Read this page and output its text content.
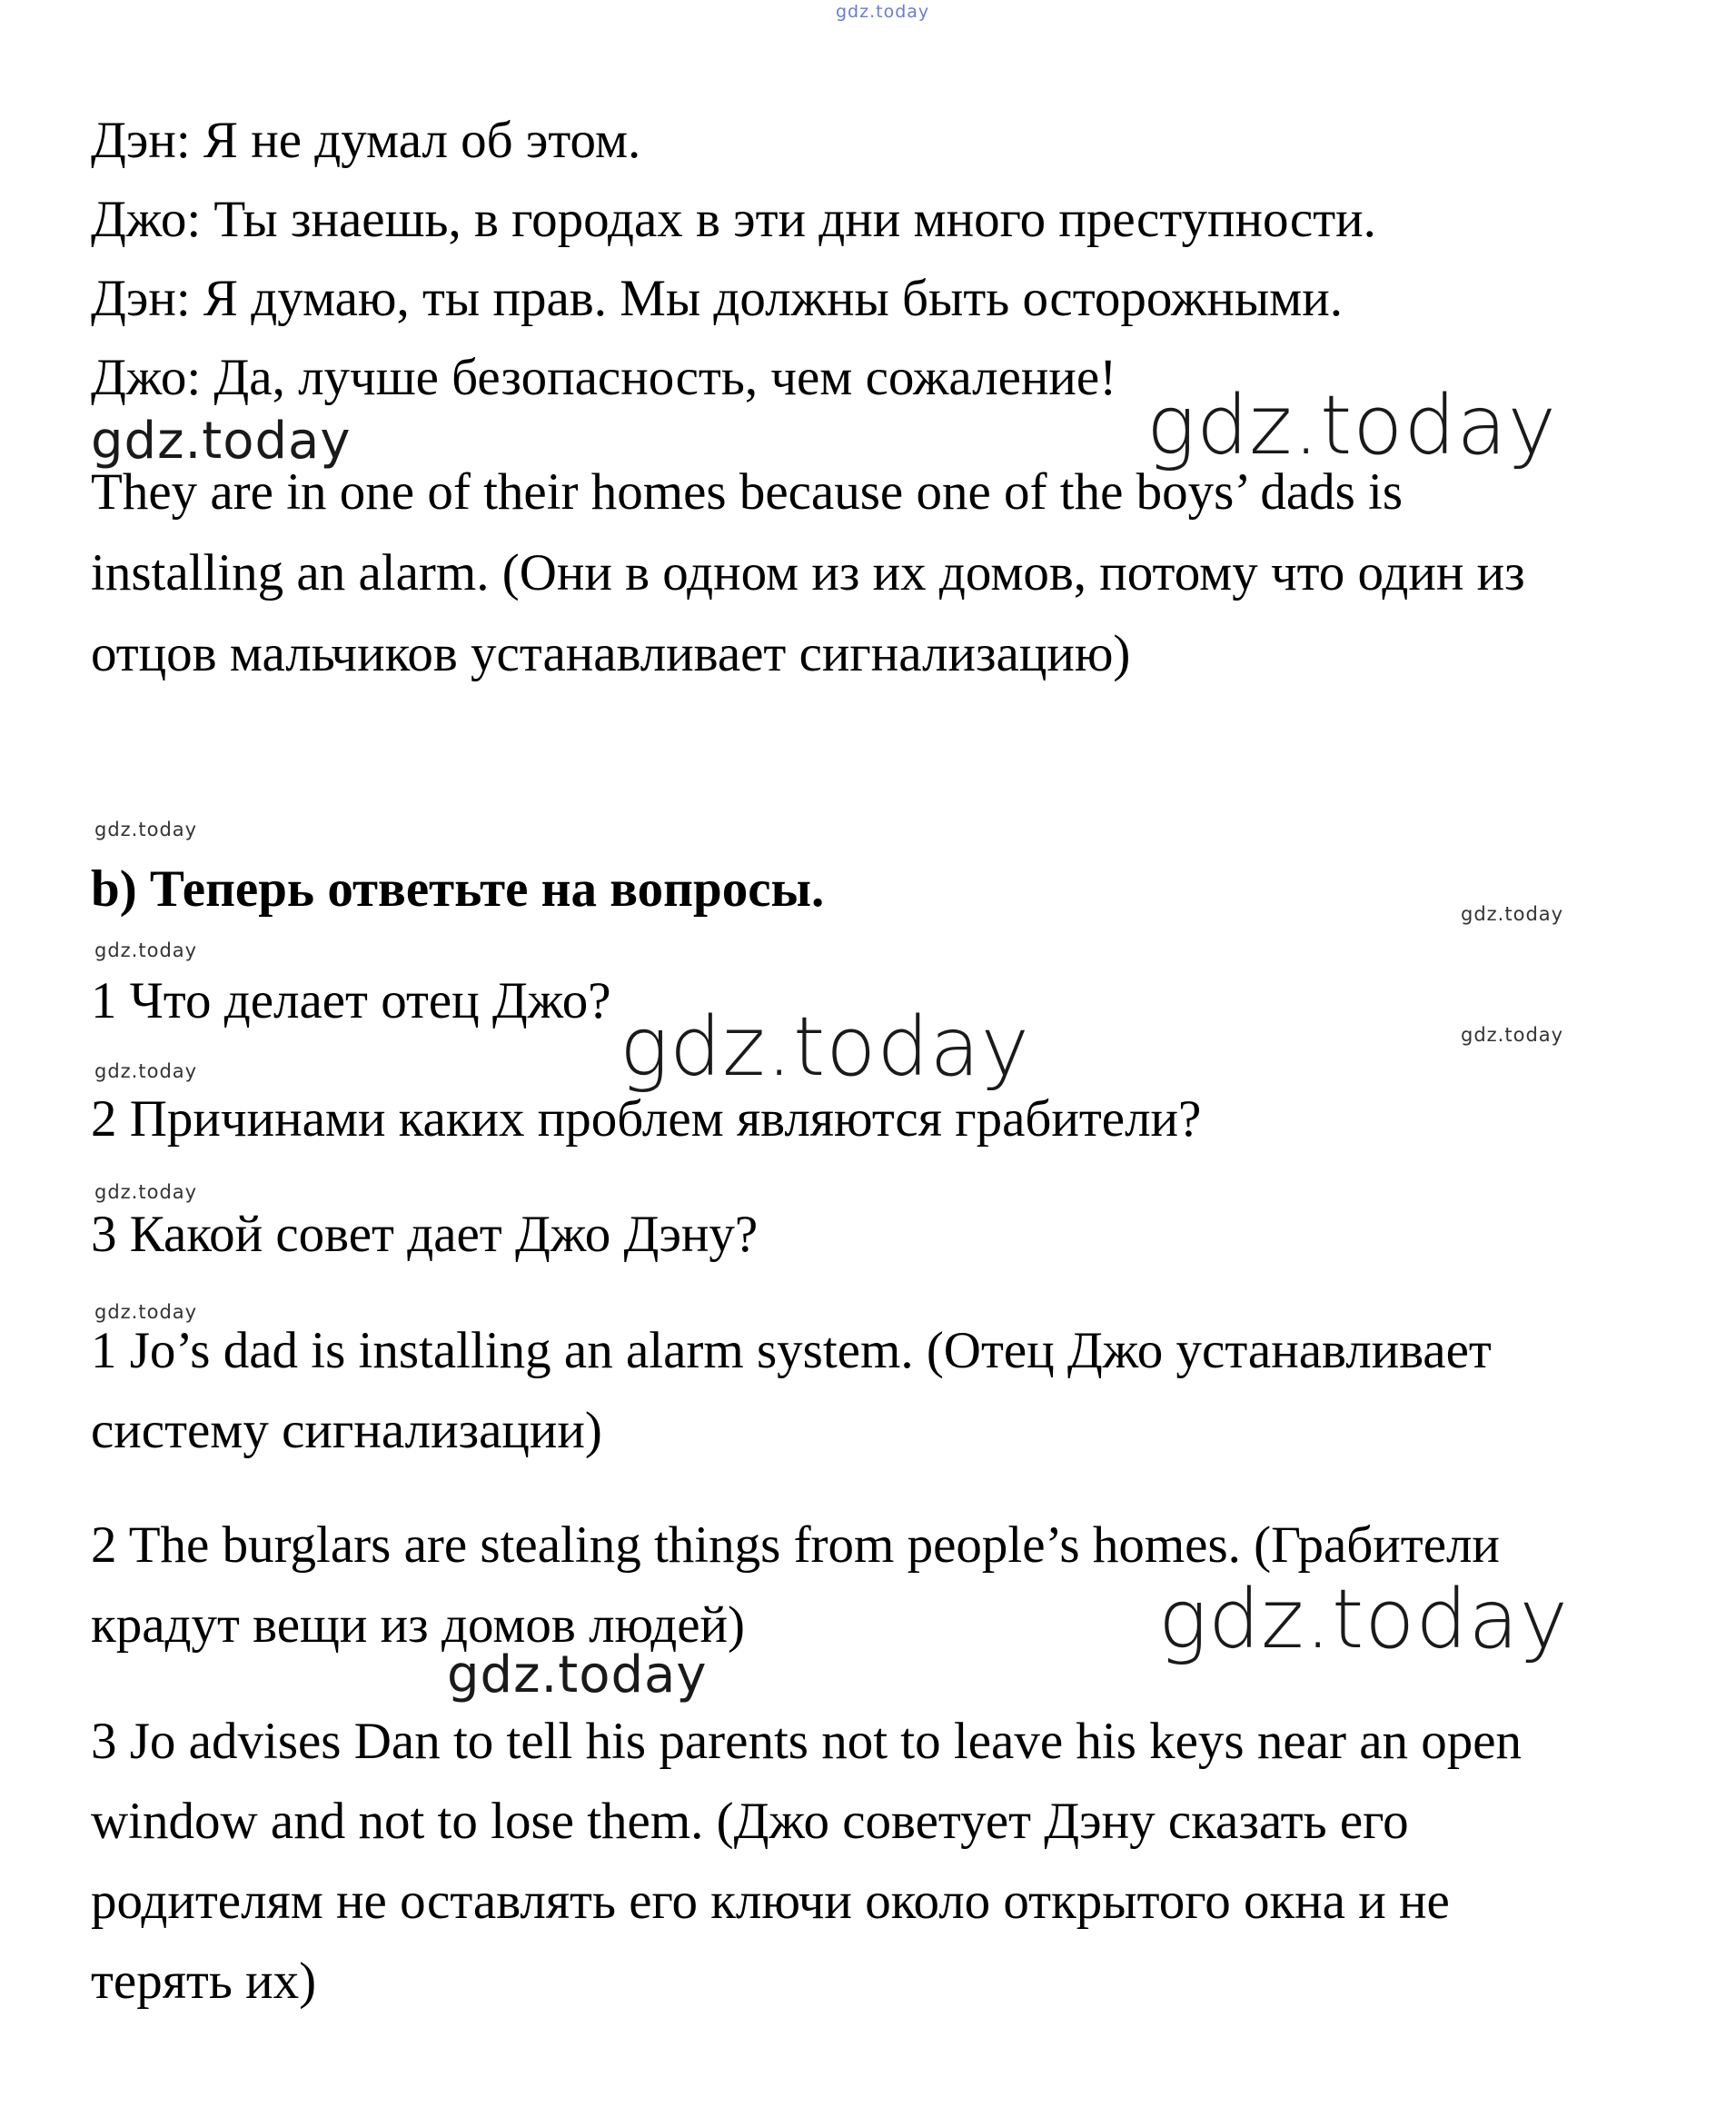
gdz.today
Дэн: Я не думал об этом.
Джо: Ты знаешь, в городах в эти дни много преступности.
Дэн: Я думаю, ты прав. Мы должны быть осторожными.
Джо: Да, лучше безопасность, чем сожаление!
gdz.today	gdz.today
They are in one of their homes because one of the boys’ dads is
installing an alarm. (Они в одном из их домов, потому что один из
отцов мальчиков устанавливает сигнализацию)
gdz.today
b) Теперь ответьте на вопросы.	gdz.today
gdz.today
1 Что делает отец Джо? gdz.today	gdz.today
gdz.today
2 Причинами каких проблем являются грабители?
gdz.today
3 Какой совет дает Джо Дэну?
gdz.today
1 Jo’s dad is installing an alarm system. (Отец Джо устанавливает
систему сигнализации)
2 The burglars are stealing things from people’s homes. (Грабители
крадут вещи из домов людей)	gdz.today
gdz.today
3 Jo advises Dan to tell his parents not to leave his keys near an open
window and not to lose them. (Джо советует Дэну сказать его
родителям не оставлять его ключи около открытого окна и не
терять их)
